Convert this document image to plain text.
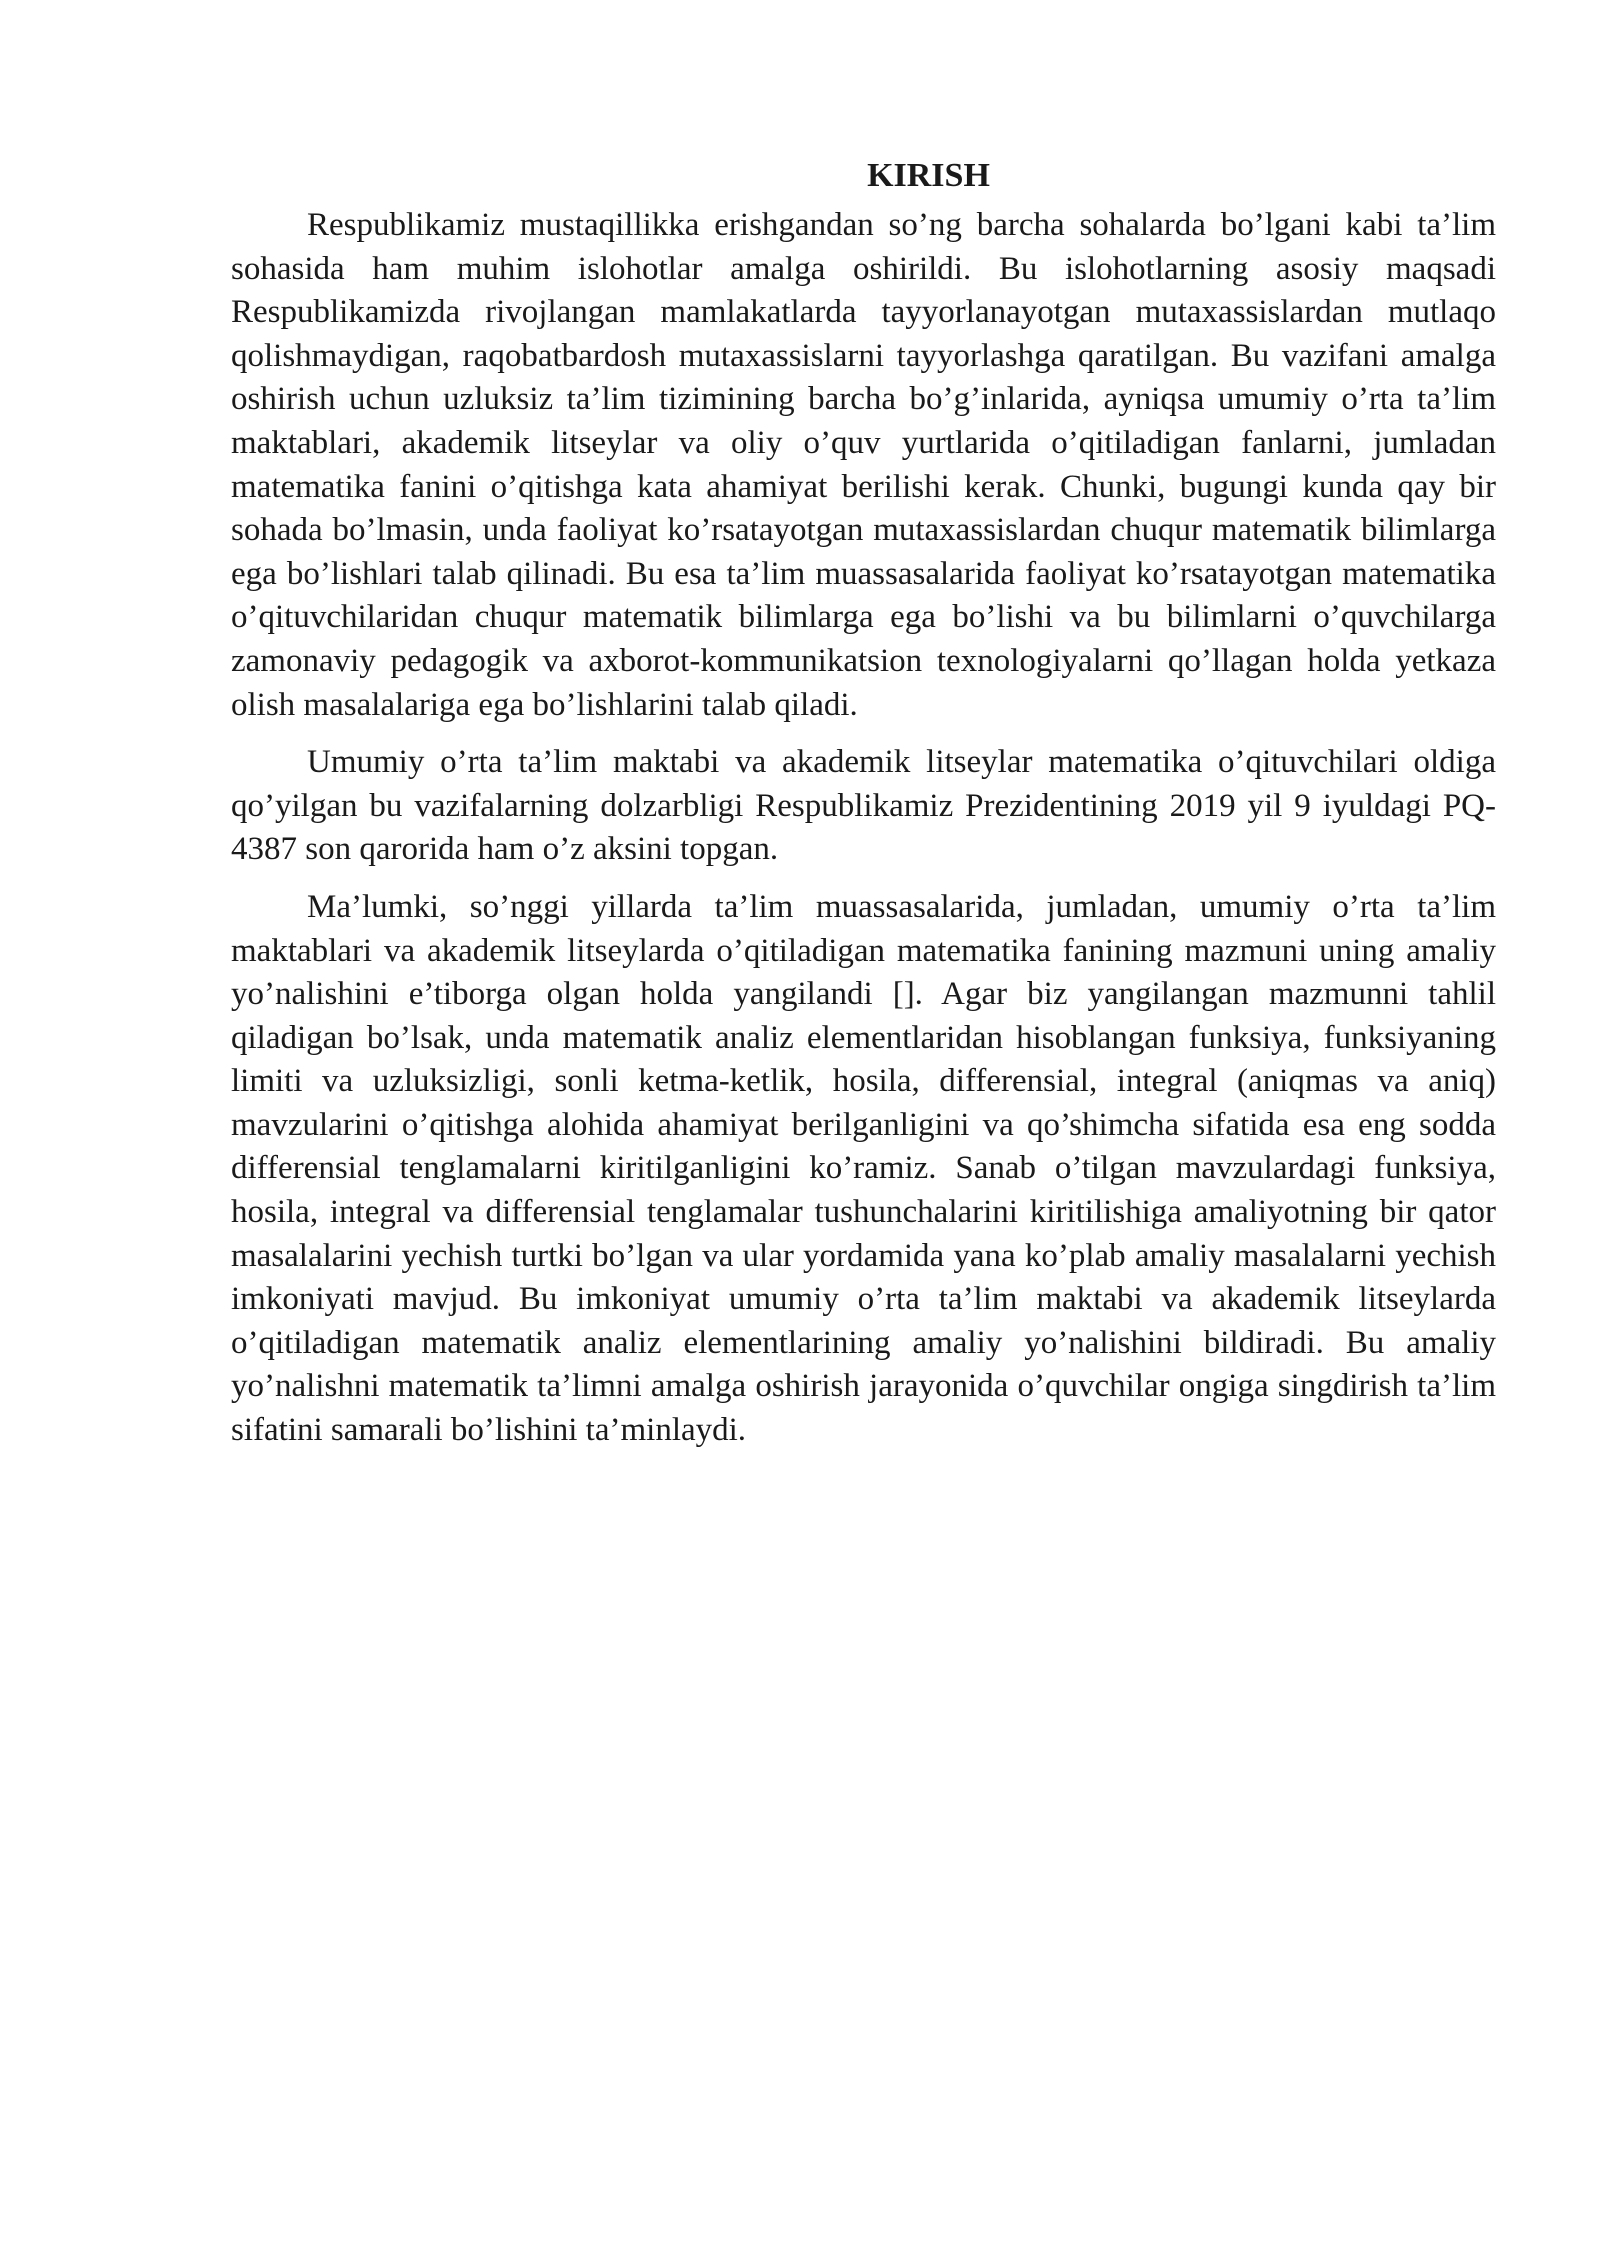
KIRISH

Respublikamiz mustaqillikka erishgandan so’ng barcha sohalarda bo’lgani kabi ta’lim sohasida ham muhim islohotlar amalga oshirildi. Bu islohotlarning asosiy maqsadi Respublikamizda rivojlangan mamlakatlarda tayyorlanayotgan mutaxassislardan mutlaqo qolishmaydigan, raqobatbardosh mutaxassislarni tayyorlashga qaratilgan. Bu vazifani amalga oshirish uchun uzluksiz ta’lim tizimining barcha bo’g’inlarida, ayniqsa umumiy o’rta ta’lim maktablari, akademik litseylar va oliy o’quv yurtlarida o’qitiladigan fanlarni, jumladan matematika fanini o’qitishga kata ahamiyat berilishi kerak. Chunki, bugungi kunda qay bir sohada bo’lmasin, unda faoliyat ko’rsatayotgan mutaxassislardan chuqur matematik bilimlarga ega bo’lishlari talab qilinadi. Bu esa ta’lim muassasalarida faoliyat ko’rsatayotgan matematika o’qituvchilaridan chuqur matematik bilimlarga ega bo’lishi va bu bilimlarni o’quvchilarga zamonaviy pedagogik va axborot-kommunikatsion texnologiyalarni qo’llagan holda yetkaza olish masalalariga ega bo’lishlarini talab qiladi.

Umumiy o’rta ta’lim maktabi va akademik litseylar matematika o’qituvchilari oldiga qo’yilgan bu vazifalarning dolzarbligi Respublikamiz Prezidentining 2019 yil 9 iyuldagi PQ-4387 son qarorida ham o’z aksini topgan.

Ma’lumki, so’nggi yillarda ta’lim muassasalarida, jumladan, umumiy o’rta ta’lim maktablari va akademik litseylarda o’qitiladigan matematika fanining mazmuni uning amaliy yo’nalishini e’tiborga olgan holda yangilandi []. Agar biz yangilangan mazmunni tahlil qiladigan bo’lsak, unda matematik analiz elementlaridan hisoblangan funksiya, funksiyaning limiti va uzluksizligi, sonli ketma-ketlik, hosila, differensial, integral (aniqmas va aniq) mavzularini o’qitishga alohida ahamiyat berilganligini va qo’shimcha sifatida esa eng sodda differensial tenglamalarni kiritilganligini ko’ramiz. Sanab o’tilgan mavzulardagi funksiya, hosila, integral va differensial tenglamalar tushunchalarini kiritilishiga amaliyotning bir qator masalalarini yechish turtki bo’lgan va ular yordamida yana ko’plab amaliy masalalarni yechish imkoniyati mavjud. Bu imkoniyat umumiy o’rta ta’lim maktabi va akademik litseylarda o’qitiladigan matematik analiz elementlarining amaliy yo’nalishini bildiradi. Bu amaliy yo’nalishni matematik ta’limni amalga oshirish jarayonida o’quvchilar ongiga singdirish ta’lim sifatini samarali bo’lishini ta’minlaydi.
